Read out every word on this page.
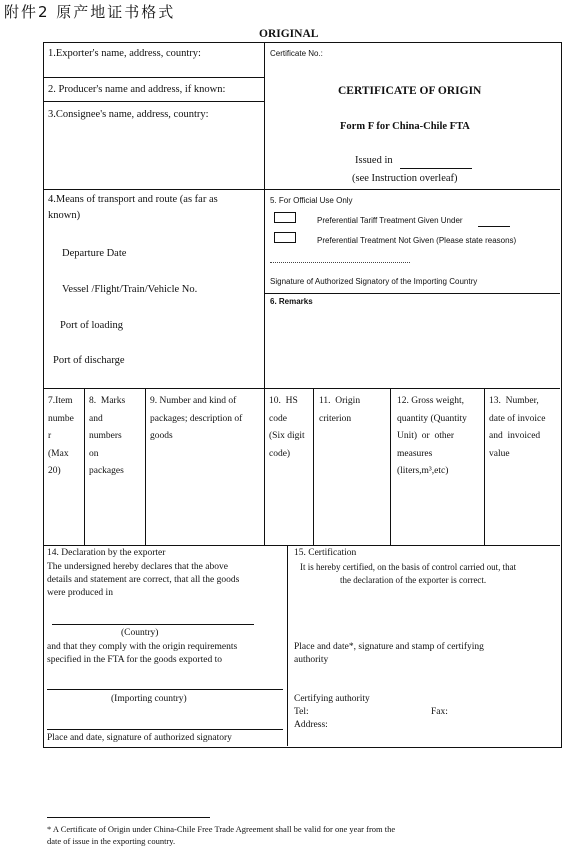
附件2 原产地证书格式
ORIGINAL
1.Exporter's name, address, country:
2. Producer's name and address, if known:
3.Consignee's name, address, country:
Certificate No.:
CERTIFICATE OF ORIGIN
Form F for China-Chile FTA
Issued in
(see Instruction overleaf)
4.Means of transport and route (as far as
known)
Departure Date
Vessel /Flight/Train/Vehicle No.
Port of loading
Port of discharge
5. For Official Use Only
Preferential Tariff Treatment Given Under
Preferential Treatment Not Given (Please state reasons)
Signature of Authorized Signatory of the Importing Country
6. Remarks
7.Item
numbe
r
(Max
20)
8.  Marks
and
numbers
on
packages
9. Number and kind of
packages; description of
goods
10.  HS
code
(Six digit
code)
11.  Origin
criterion
12. Gross weight,
quantity (Quantity
Unit)  or  other
measures
(liters,m³,etc)
13.  Number,
date of invoice
and  invoiced
value
14. Declaration by the exporter
The undersigned hereby declares that the above
details and statement are correct, that all the goods
were produced in
(Country)
and that they comply with the origin requirements
specified in the FTA for the goods exported to
(Importing country)
Place and date, signature of authorized signatory
15. Certification
It is hereby certified, on the basis of control carried out, that
the declaration of the exporter is correct.
Place and date*, signature and stamp of certifying
authority
Certifying authority
Tel:	Fax:
Address:
* A Certificate of Origin under China-Chile Free Trade Agreement shall be valid for one year from the
date of issue in the exporting country.
